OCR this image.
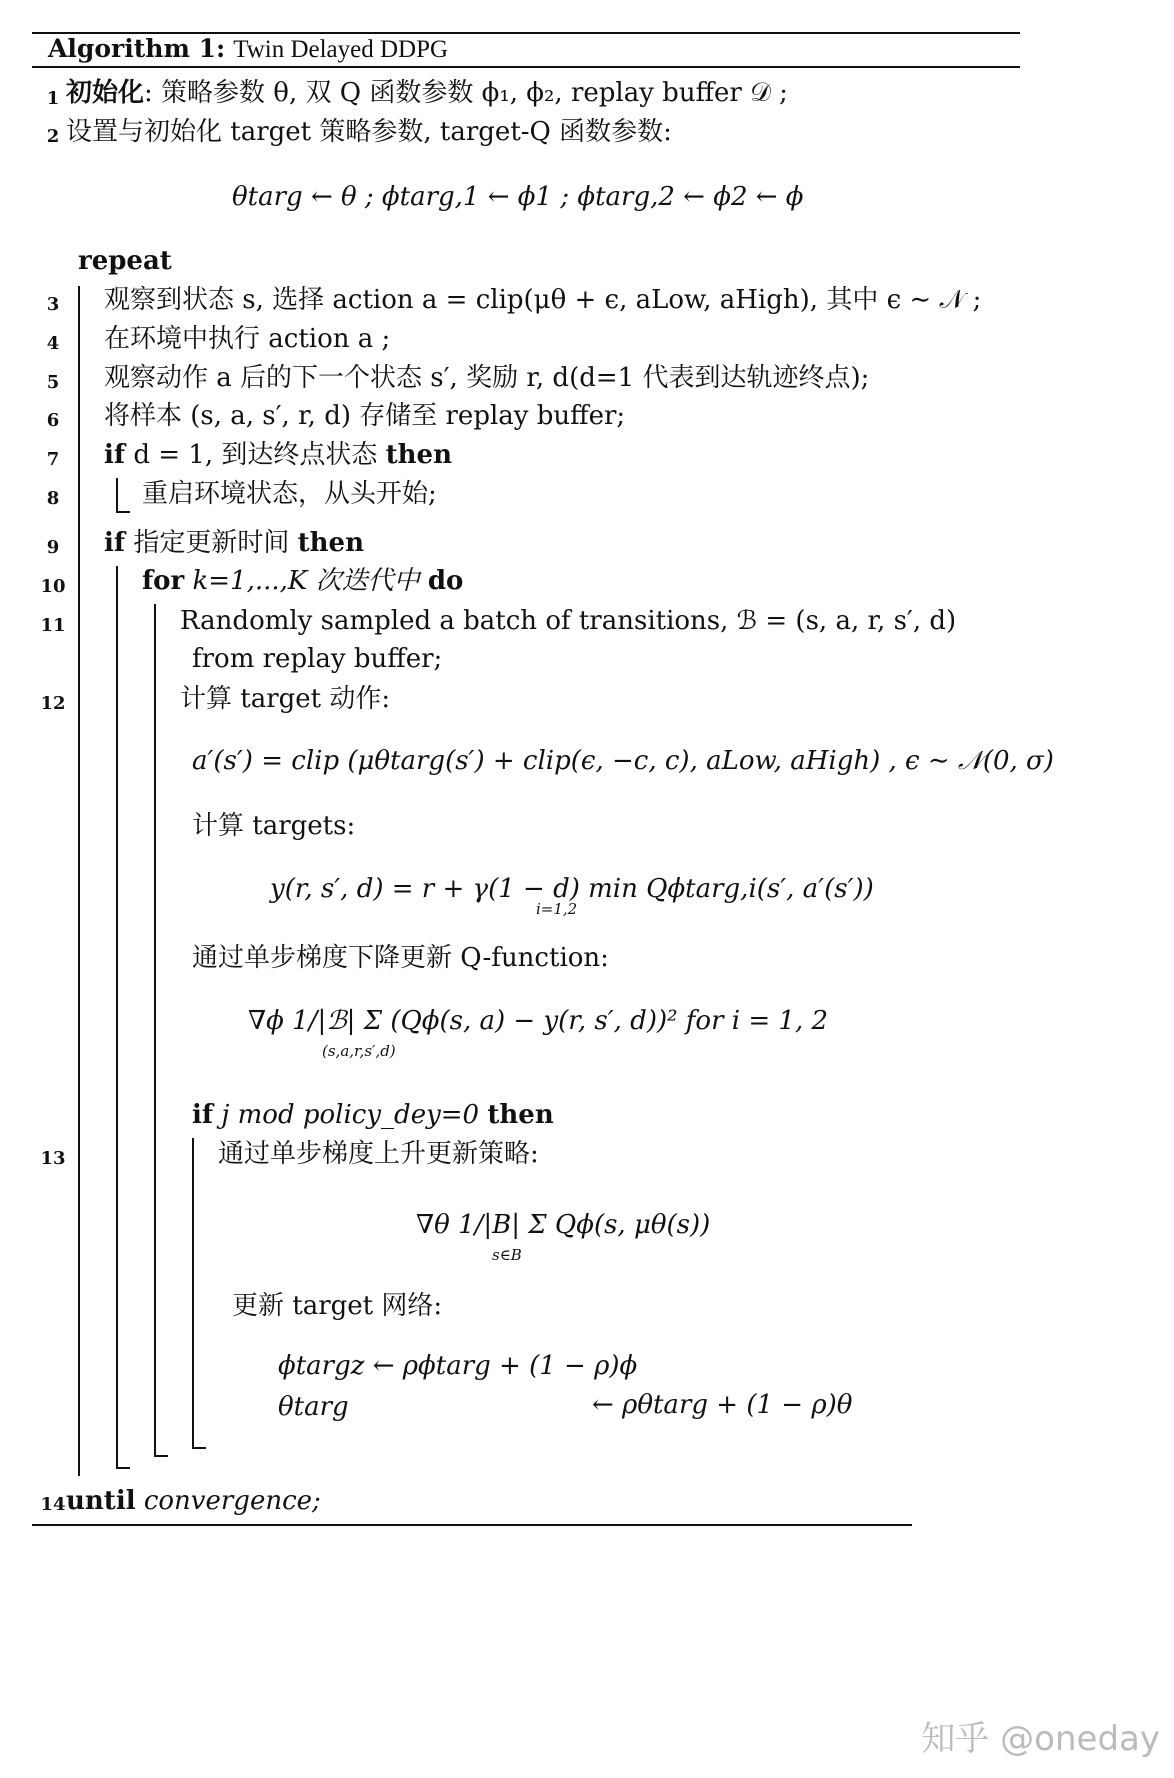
Algorithm 1: Twin Delayed DDPG
1 初始化: 策略参数 θ, 双 Q 函数参数 ϕ₁, ϕ₂, replay buffer 𝒟 ;
2 设置与初始化 target 策略参数, target-Q 函数参数:
θtarg ← θ ; ϕtarg,1 ← ϕ1 ; ϕtarg,2 ← ϕ2 ← ϕ
repeat
3 观察到状态 s, 选择 action a = clip(μθ + ϵ, aLow, aHigh), 其中 ϵ ∼ 𝒩 ;
4 在环境中执行 action a ;
5 观察动作 a 后的下一个状态 s′, 奖励 r, d(d=1 代表到达轨迹终点);
6 将样本 (s, a, s′, r, d) 存储至 replay buffer;
7 if d = 1, 到达终点状态 then
8	重启环境状态，从头开始;
9 if 指定更新时间 then
10	for k=1,...,K 次迭代中 do
11	Randomly sampled a batch of transitions, ℬ = (s, a, r, s′, d)
from replay buffer;
12	计算 target 动作:
a′(s′) = clip (μθtarg(s′) + clip(ϵ, −c, c), aLow, aHigh) , ϵ ∼ 𝒩(0, σ)
计算 targets:
y(r, s′, d) = r + γ(1 − d) min Qϕtarg,i(s′, a′(s′))
i=1,2
通过单步梯度下降更新 Q-function:
∇ϕ 1/|ℬ| Σ (Qϕ(s, a) − y(r, s′, d))² for i = 1, 2
(s,a,r,s′,d)
if j mod policy_dey=0 then
13	通过单步梯度上升更新策略:
∇θ 1/|B| Σ Qϕ(s, μθ(s))
s∈B
更新 target 网络:
ϕtargz ← ρϕtarg + (1 − ρ)ϕ
θtarg	← ρθtarg + (1 − ρ)θ
14 until convergence;
知乎 @oneday
